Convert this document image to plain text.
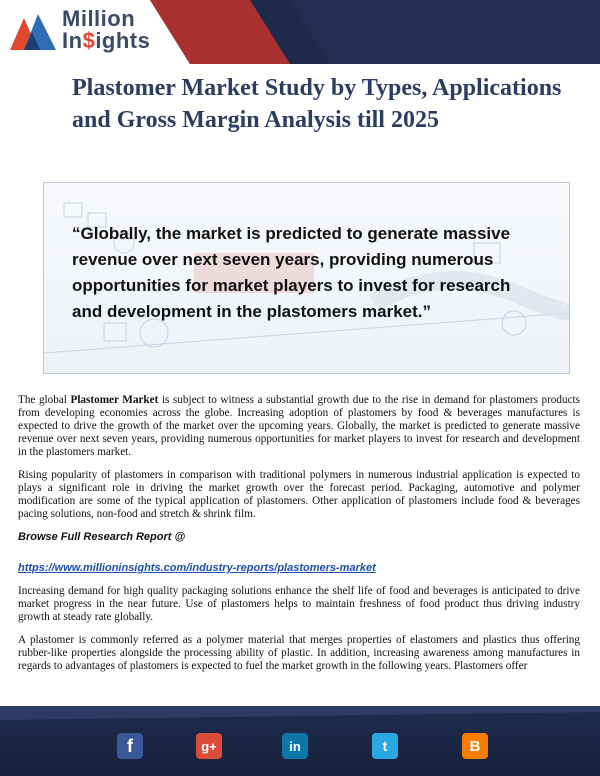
Million
In$ights
Plastomer Market Study by Types, Applications and Gross Margin Analysis till 2025
“Globally, the market is predicted to generate massive revenue over next seven years, providing numerous opportunities for market players to invest for research and development in the plastomers market.”

The global Plastomer Market is subject to witness a substantial growth due to the rise in demand for plastomers products from developing economies across the globe. Increasing adoption of plastomers by food & beverages manufactures is expected to drive the growth of the market over the upcoming years. Globally, the market is predicted to generate massive revenue over next seven years, providing numerous opportunities for market players to invest for research and development in the plastomers market.

Rising popularity of plastomers in comparison with traditional polymers in numerous industrial application is expected to plays a significant role in driving the market growth over the forecast period. Packaging, automotive and polymer modification are some of the typical application of plastomers. Other application of plastomers include food & beverages pacing solutions, non-food and stretch & shrink film.

Browse Full Research Report @

https://www.millioninsights.com/industry-reports/plastomers-market

Increasing demand for high quality packaging solutions enhance the shelf life of food and beverages is anticipated to drive market progress in the near future. Use of plastomers helps to maintain freshness of food product thus driving industry growth at steady rate globally.

A plastomer is commonly referred as a polymer material that merges properties of elastomers and plastics thus offering rubber-like properties alongside the processing ability of plastic. In addition, increasing awareness among manufactures in regards to advantages of plastomers is expected to fuel the market growth in the following years. Plastomers offer

f	g+	in	t	B
